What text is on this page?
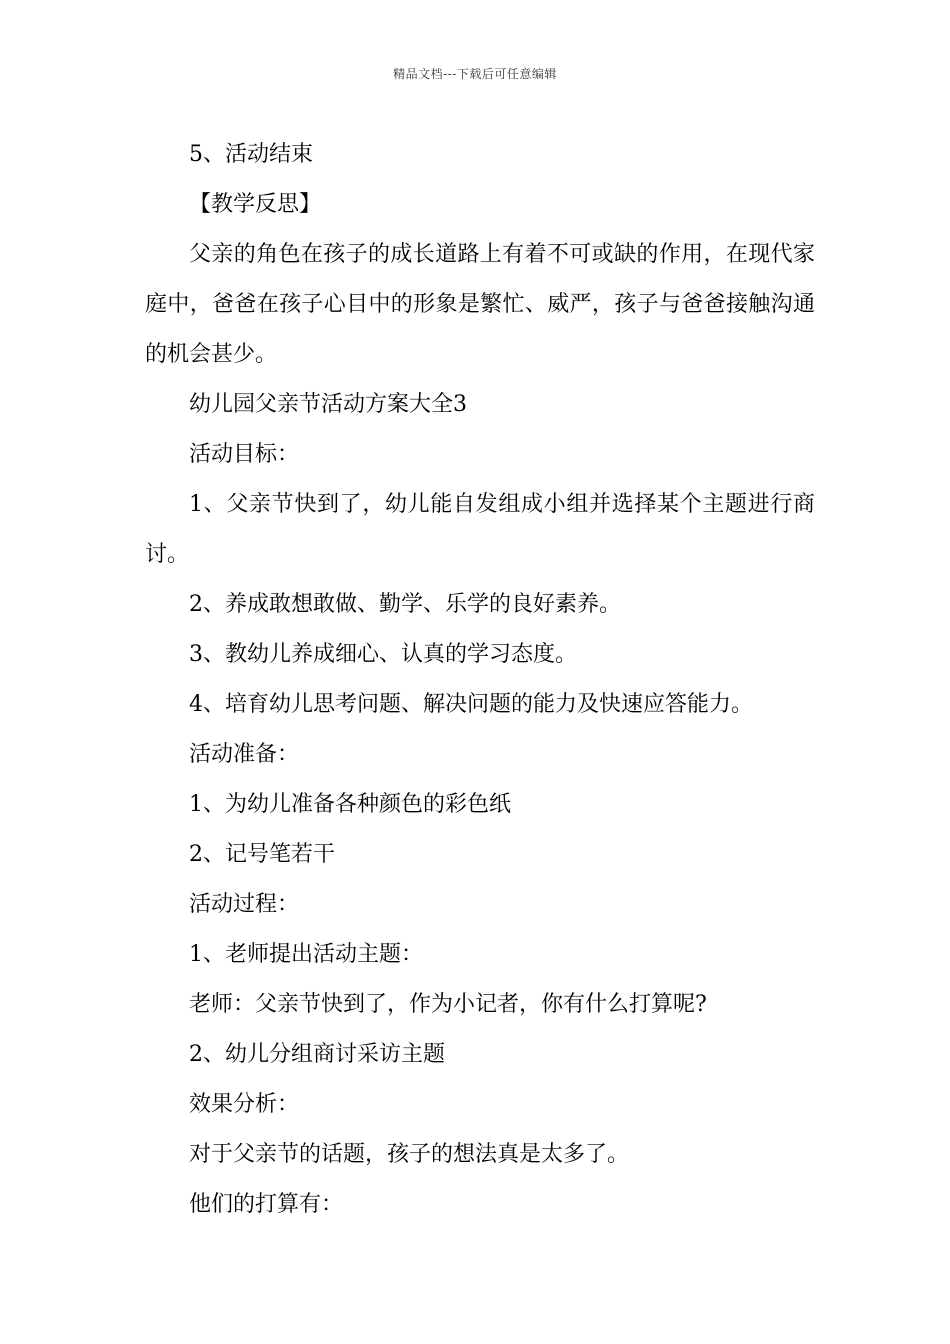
精品文档---下载后可任意编辑

5、活动结束

【教学反思】

父亲的角色在孩子的成长道路上有着不可或缺的作用，在现代家庭中，爸爸在孩子心目中的形象是繁忙、威严，孩子与爸爸接触沟通的机会甚少。

幼儿园父亲节活动方案大全3

活动目标：

1、父亲节快到了，幼儿能自发组成小组并选择某个主题进行商讨。

2、养成敢想敢做、勤学、乐学的良好素养。

3、教幼儿养成细心、认真的学习态度。

4、培育幼儿思考问题、解决问题的能力及快速应答能力。

活动准备：

1、为幼儿准备各种颜色的彩色纸

2、记号笔若干

活动过程：

1、老师提出活动主题：

老师：父亲节快到了，作为小记者，你有什么打算呢?

2、幼儿分组商讨采访主题

效果分析：

对于父亲节的话题，孩子的想法真是太多了。

他们的打算有：
